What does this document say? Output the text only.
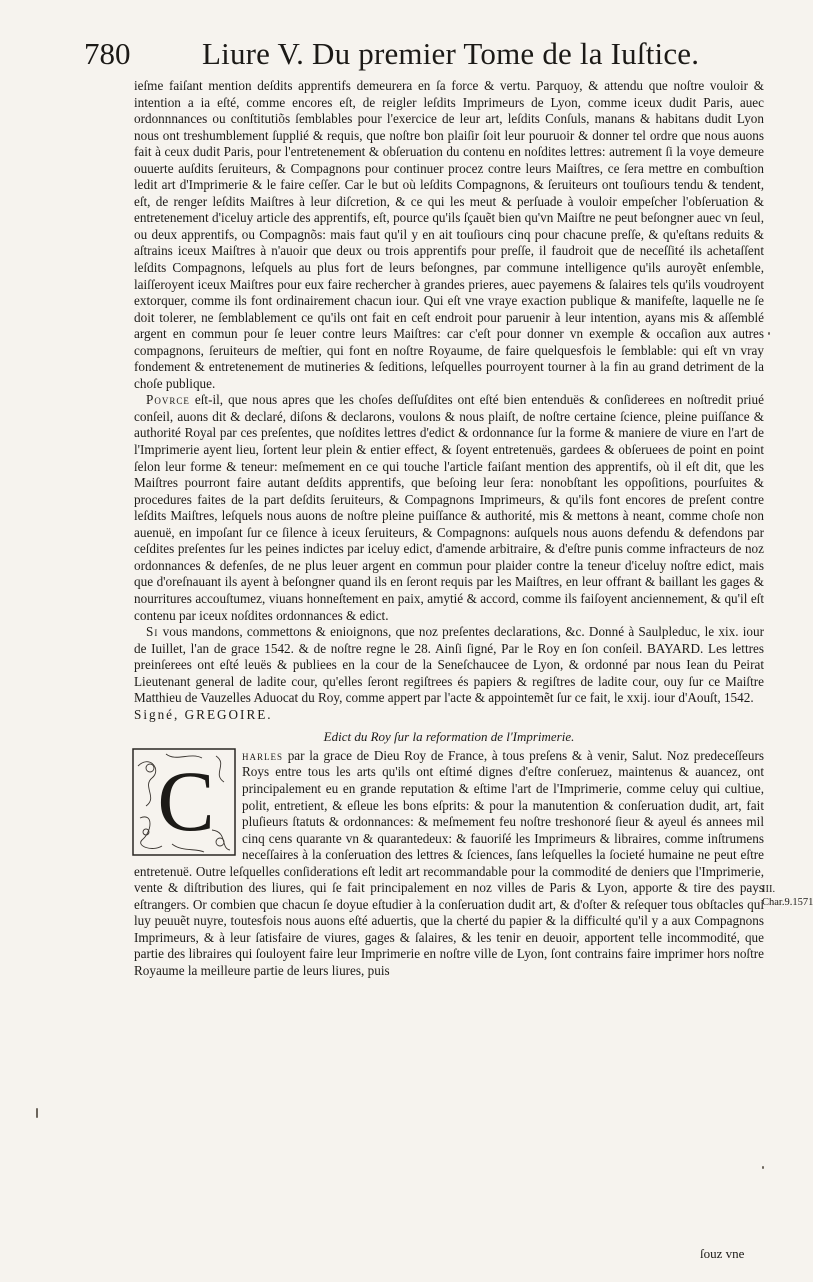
780 Liure V. Du premier Tome de la Iuſtice.

ieſme faiſant mention deſdits apprentifs demeurera en ſa force & vertu. Parquoy, & attendu que noſtre vouloir & intention a ia eſté, comme encores eſt, de reigler leſdits Imprimeurs de Lyon, comme iceux dudit Paris, auec ordonnnances ou conſtitutiõs ſemblables pour l'exercice de leur art, leſdits Conſuls, manans & habitans dudit Lyon nous ont treshumblement ſupplié & requis, que noſtre bon plaiſir ſoit leur pouruoir & donner tel ordre que nous auons fait à ceux dudit Paris, pour l'entretenement & obſeruation du contenu en noſdites lettres: autrement ſi la voye demeure ouuerte auſdits ſeruiteurs, & Compagnons pour continuer procez contre leurs Maiſtres, ce ſera mettre en combuſtion ledit art d'Imprimerie & le faire ceſſer. Car le but où leſdits Compagnons, & ſeruiteurs ont touſiours tendu & tendent, eſt, de renger leſdits Maiſtres à leur diſcretion, & ce qui les meut & perſuade à vouloir empeſcher l'obſeruation & entretenement d'iceluy article des apprentifs, eſt, pource qu'ils ſçauẽt bien qu'vn Maiſtre ne peut beſongner auec vn ſeul, ou deux apprentifs, ou Compagnõs: mais faut qu'il y en ait touſiours cinq pour chacune preſſe, & qu'eſtans reduits & aſtrains iceux Maiſtres à n'auoir que deux ou trois apprentifs pour preſſe, il faudroit que de neceſſité ils achetaſſent leſdits Compagnons, leſquels au plus fort de leurs beſongnes, par commune intelligence qu'ils auroyẽt enſemble, laiſſeroyent iceux Maiſtres pour eux faire rechercher à grandes prieres, auec payemens & ſalaires tels qu'ils voudroyent extorquer, comme ils font ordinairement chacun iour. Qui eſt vne vraye exaction publique & manifeſte, laquelle ne ſe doit tolerer, ne ſemblablement ce qu'ils ont fait en ceſt endroit pour paruenir à leur intention, ayans mis & aſſemblé argent en commun pour ſe leuer contre leurs Maiſtres: car c'eſt pour donner vn exemple & occaſion aux autres compagnons, ſeruiteurs de meſtier, qui font en noſtre Royaume, de faire quelquesfois le ſemblable: qui eſt vn vray fondement & entretenement de mutineries & ſeditions, leſquelles pourroyent tourner à la fin au grand detriment de la choſe publique.

Povrce eſt-il, que nous apres que les choſes deſſuſdites ont eſté bien entenduës & conſiderees en noſtredit priué conſeil, auons dit & declaré, diſons & declarons, voulons & nous plaiſt, de noſtre certaine ſcience, pleine puiſſance & authorité Royal par ces preſentes, que noſdites lettres d'edict & ordonnance ſur la forme & maniere de viure en l'art de l'Imprimerie ayent lieu, ſortent leur plein & entier effect, & ſoyent entretenuës, gardees & obſeruees de point en point ſelon leur forme & teneur: meſmement en ce qui touche l'article faiſant mention des apprentifs, où il eſt dit, que les Maiſtres pourront faire autant deſdits apprentifs, que beſoing leur ſera: nonobſtant les oppoſitions, pourſuites & procedures faites de la part deſdits ſeruiteurs, & Compagnons Imprimeurs, & qu'ils font encores de preſent contre leſdits Maiſtres, leſquels nous auons de noſtre pleine puiſſance & authorité, mis & mettons à neant, comme choſe non auenuë, en impoſant ſur ce ſilence à iceux ſeruiteurs, & Compagnons: auſquels nous auons defendu & defendons par ceſdites preſentes ſur les peines indictes par iceluy edict, d'amende arbitraire, & d'eſtre punis comme infracteurs de noz ordonnances & defenſes, de ne plus leuer argent en commun pour plaider contre la teneur d'iceluy noſtre edict, mais que d'oreſnauant ils ayent à beſongner quand ils en ſeront requis par les Maiſtres, en leur offrant & baillant les gages & nourritures accouſtumez, viuans honneſtement en paix, amytié & accord, comme ils faiſoyent anciennement, & qu'il eſt contenu par iceux noſdites ordonnances & edict.

Si vous mandons, commettons & enioignons, que noz preſentes declarations, &c. Donné à Saulpleduc, le xix. iour de Iuillet, l'an de grace 1542. & de noſtre regne le 28. Ainſi ſigné, Par le Roy en ſon conſeil. BAYARD. Les lettres preinſerees ont eſté leuës & publiees en la cour de la Seneſchaucee de Lyon, & ordonné par nous Iean du Peirat Lieutenant general de ladite cour, qu'elles ſeront regiſtrees és papiers & regiſtres de ladite cour, ouy ſur ce Maiſtre Matthieu de Vauzelles Aduocat du Roy, comme appert par l'acte & appointemẽt ſur ce fait, le xxij. iour d'Aouſt, 1542.

Signé, GREGOIRE.

Edict du Roy ſur la reformation de l'Imprimerie.

C harles par la grace de Dieu Roy de France, à tous preſens & à venir, Salut. Noz predeceſſeurs Roys entre tous les arts qu'ils ont eſtimé dignes d'eſtre conſeruez, maintenus & auancez, ont principalement eu en grande reputation & eſtime l'art de l'Imprimerie, comme celuy qui cultiue, polit, entretient, & eſleue les bons eſprits: & pour la manutention & conſeruation dudit, art, fait pluſieurs ſtatuts & ordonnances: & meſmement feu noſtre treshonoré ſieur & ayeul és annees mil cinq cens quarante vn & quarantedeux: & fauoriſé les Imprimeurs & libraires, comme inſtrumens neceſſaires à la conſeruation des lettres & ſciences, ſans leſquelles la ſocieté humaine ne peut eſtre entretenuë. Outre leſquelles conſiderations eſt ledit art recommandable pour la commodité de deniers que l'Imprimerie, vente & diſtribution des liures, qui ſe fait principalement en noz villes de Paris & Lyon, apporte & tire des pays eſtrangers. Or combien que chacun ſe doyue eſtudier à la conſeruation dudit art, & d'oſter & reſequer tous obſtacles qui luy peuuẽt nuyre, toutesfois nous auons eſté aduertis, que la cherté du papier & la difficulté qu'il y a aux Compagnons Imprimeurs, & à leur ſatisfaire de viures, gages & ſalaires, & les tenir en deuoir, apportent telle incommodité, que partie des libraires qui ſouloyent faire leur Imprimerie en noſtre ville de Lyon, ſont contrains faire imprimer hors noſtre Royaume la meilleure partie de leurs liures, puis

III.
Char.9.1571
ſouz vne
